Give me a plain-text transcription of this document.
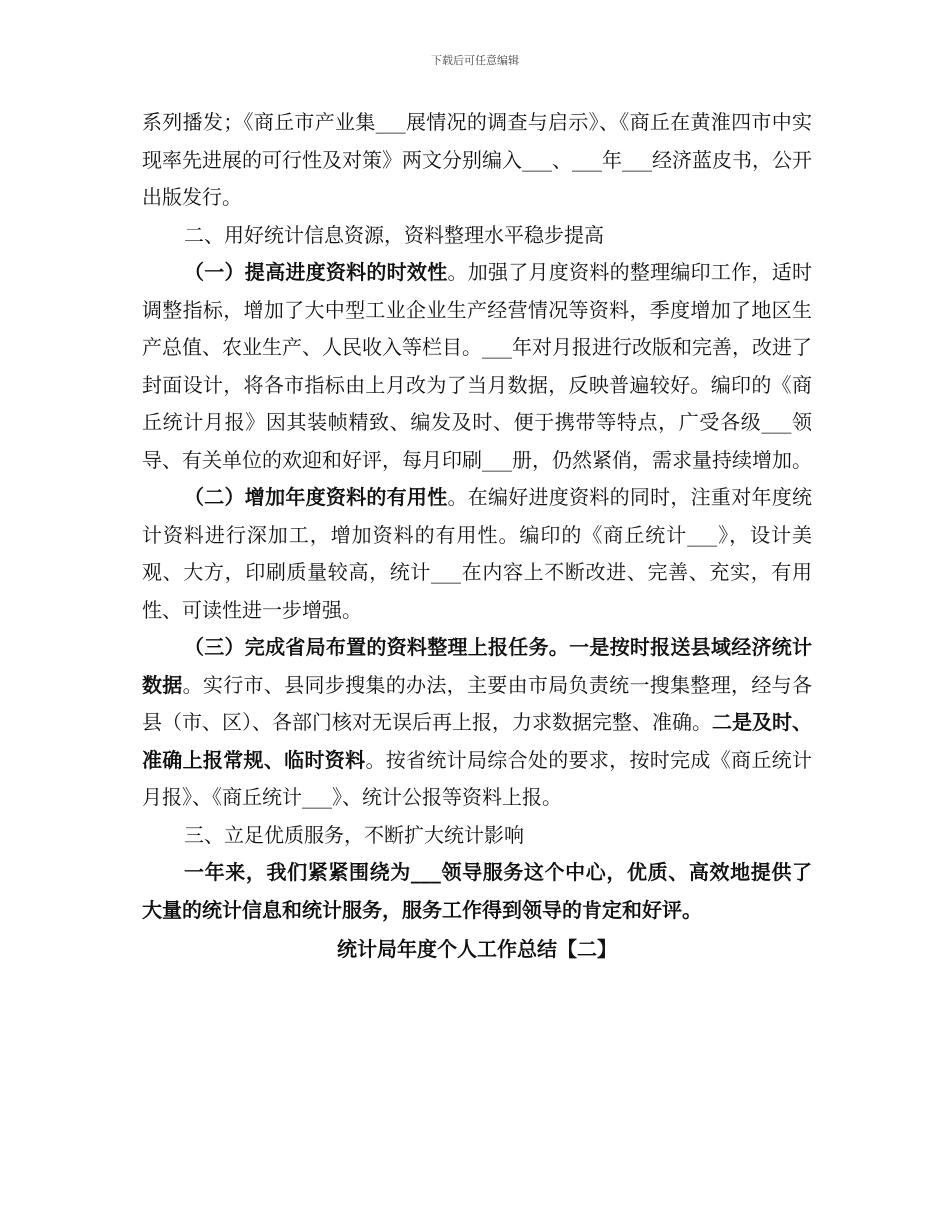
下载后可任意编辑

系列播发；《商丘市产业集___展情况的调查与启示》、《商丘在黄淮四市中实现率先进展的可行性及对策》两文分别编入___、___年___经济蓝皮书，公开出版发行。

二、用好统计信息资源，资料整理水平稳步提高

（一）提高进度资料的时效性。加强了月度资料的整理编印工作，适时调整指标，增加了大中型工业企业生产经营情况等资料，季度增加了地区生产总值、农业生产、人民收入等栏目。___年对月报进行改版和完善，改进了封面设计，将各市指标由上月改为了当月数据，反映普遍较好。编印的《商丘统计月报》因其装帧精致、编发及时、便于携带等特点，广受各级___领导、有关单位的欢迎和好评，每月印刷___册，仍然紧俏，需求量持续增加。

（二）增加年度资料的有用性。在编好进度资料的同时，注重对年度统计资料进行深加工，增加资料的有用性。编印的《商丘统计___》，设计美观、大方，印刷质量较高，统计___在内容上不断改进、完善、充实，有用性、可读性进一步增强。

（三）完成省局布置的资料整理上报任务。一是按时报送县域经济统计数据。实行市、县同步搜集的办法，主要由市局负责统一搜集整理，经与各县（市、区）、各部门核对无误后再上报，力求数据完整、准确。二是及时、准确上报常规、临时资料。按省统计局综合处的要求，按时完成《商丘统计月报》、《商丘统计___》、统计公报等资料上报。

三、立足优质服务，不断扩大统计影响

一年来，我们紧紧围绕为___领导服务这个中心，优质、高效地提供了大量的统计信息和统计服务，服务工作得到领导的肯定和好评。

统计局年度个人工作总结【二】
